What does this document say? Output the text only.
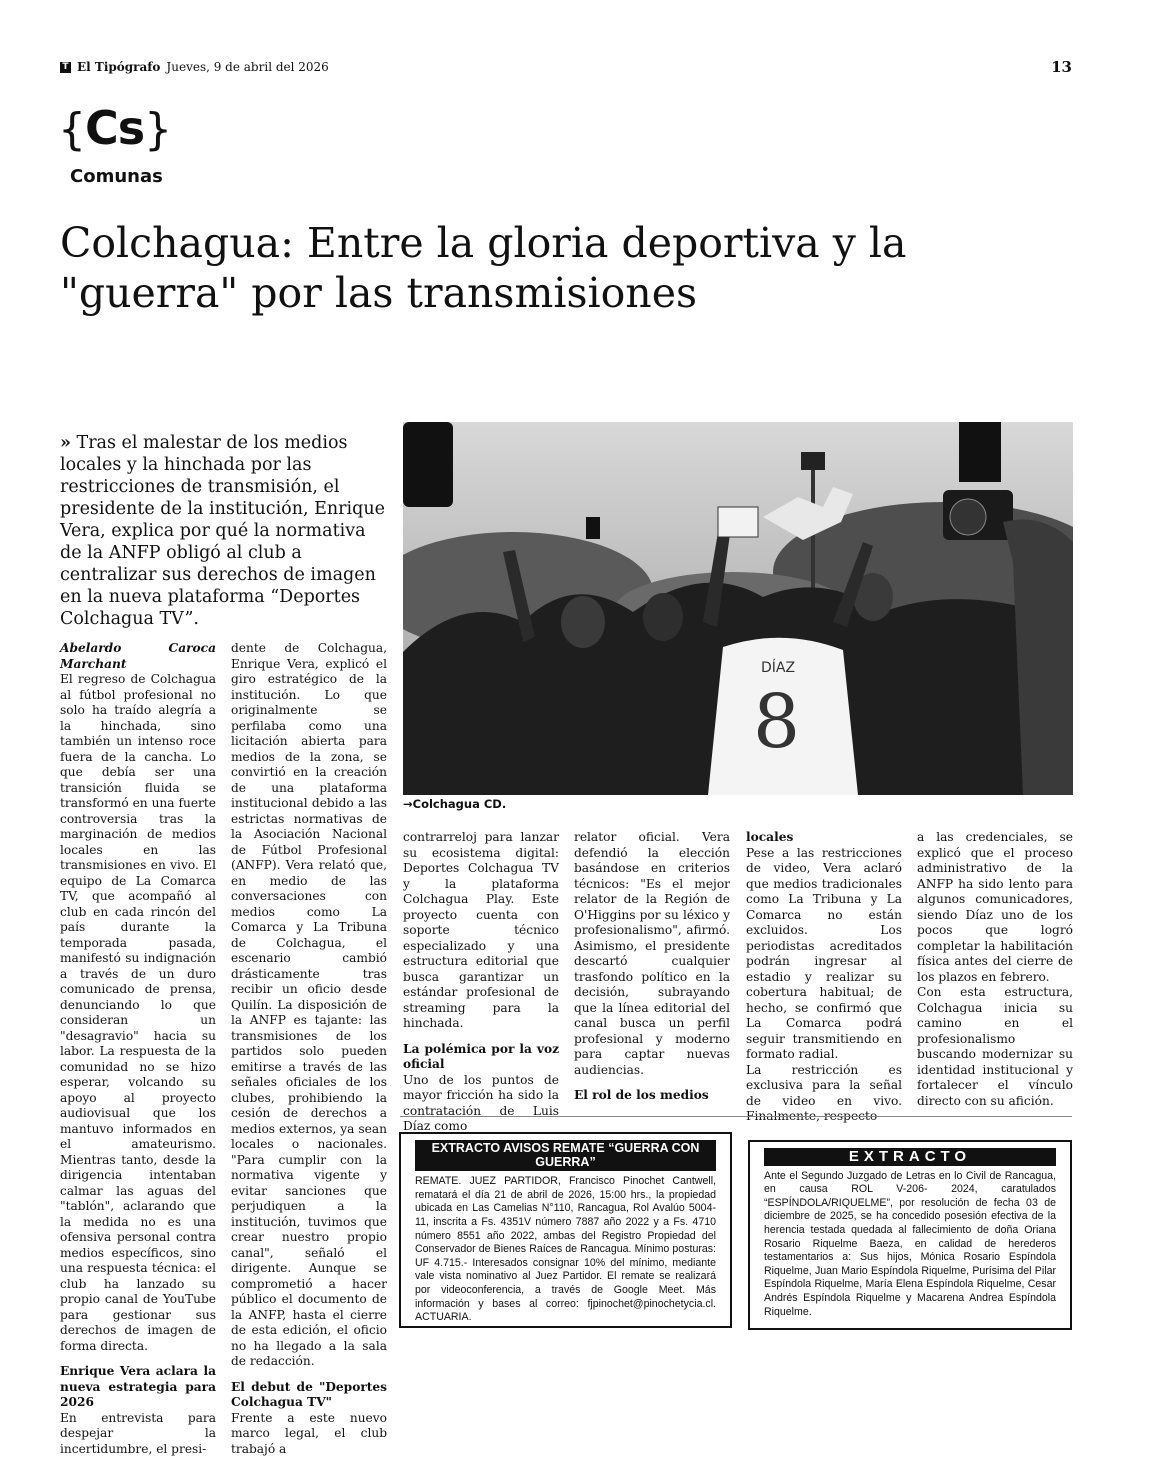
T El Tipógrafo Jueves, 9 de abril del 2026	13
{Cs}
Comunas
Colchagua: Entre la gloria deportiva y la "guerra" por las transmisiones
» Tras el malestar de los medios locales y la hinchada por las restricciones de transmisión, el presidente de la institución, Enrique Vera, explica por qué la normativa de la ANFP obligó al club a centralizar sus derechos de imagen en la nueva plataforma “Deportes Colchagua TV”.
DÍAZ
8
→Colchagua CD.

Abelardo Caroca Marchant

El regreso de Colchagua al fútbol profesional no solo ha traído alegría a la hinchada, sino también un intenso roce fuera de la cancha. Lo que debía ser una transición fluida se transformó en una fuerte controversia tras la marginación de medios locales en las transmisiones en vivo. El equipo de La Comarca TV, que acompañó al club en cada rincón del país durante la temporada pasada, manifestó su indignación a través de un duro comunicado de prensa, denunciando lo que consideran un "desagravio" hacia su labor. La respuesta de la comunidad no se hizo esperar, volcando su apoyo al proyecto audiovisual que los mantuvo informados en el amateurismo. Mientras tanto, desde la dirigencia intentaban calmar las aguas del "tablón", aclarando que la medida no es una ofensiva personal contra medios específicos, sino una respuesta técnica: el club ha lanzado su propio canal de YouTube para gestionar sus derechos de imagen de forma directa.

Enrique Vera aclara la nueva estrategia para 2026

En entrevista para despejar la incertidumbre, el presi-

dente de Colchagua, Enrique Vera, explicó el giro estratégico de la institución. Lo que originalmente se perfilaba como una licitación abierta para medios de la zona, se convirtió en la creación de una plataforma institucional debido a las estrictas normativas de la Asociación Nacional de Fútbol Profesional (ANFP). Vera relató que, en medio de las conversaciones con medios como La Comarca y La Tribuna de Colchagua, el escenario cambió drásticamente tras recibir un oficio desde Quilín. La disposición de la ANFP es tajante: las transmisiones de los partidos solo pueden emitirse a través de las señales oficiales de los clubes, prohibiendo la cesión de derechos a medios externos, ya sean locales o nacionales. "Para cumplir con la normativa vigente y evitar sanciones que perjudiquen a la institución, tuvimos que crear nuestro propio canal", señaló el dirigente. Aunque se comprometió a hacer público el documento de la ANFP, hasta el cierre de esta edición, el oficio no ha llegado a la sala de redacción.

El debut de "Deportes Colchagua TV"

Frente a este nuevo marco legal, el club trabajó a

contrarreloj para lanzar su ecosistema digital: Deportes Colchagua TV y la plataforma Colchagua Play. Este proyecto cuenta con soporte técnico especializado y una estructura editorial que busca garantizar un estándar profesional de streaming para la hinchada.

La polémica por la voz oficial

Uno de los puntos de mayor fricción ha sido la contratación de Luis Díaz como

relator oficial. Vera defendió la elección basándose en criterios técnicos: "Es el mejor relator de la Región de O'Higgins por su léxico y profesionalismo", afirmó. Asimismo, el presidente descartó cualquier trasfondo político en la decisión, subrayando que la línea editorial del canal busca un perfil profesional y moderno para captar nuevas audiencias.

El rol de los medios

locales

Pese a las restricciones de video, Vera aclaró que medios tradicionales como La Tribuna y La Comarca no están excluidos. Los periodistas acreditados podrán ingresar al estadio y realizar su cobertura habitual; de hecho, se confirmó que La Comarca podrá seguir transmitiendo en formato radial.

La restricción es exclusiva para la señal de video en vivo. Finalmente, respecto

a las credenciales, se explicó que el proceso administrativo de la ANFP ha sido lento para algunos comunicadores, siendo Díaz uno de los pocos que logró completar la habilitación física antes del cierre de los plazos en febrero.

Con esta estructura, Colchagua inicia su camino en el profesionalismo buscando modernizar su identidad institucional y fortalecer el vínculo directo con su afición.

EXTRACTO AVISOS REMATE “GUERRA CON GUERRA”
REMATE. JUEZ PARTIDOR, Francisco Pinochet Cantwell, rematará el día 21 de abril de 2026, 15:00 hrs., la propiedad ubicada en Las Camelias N°110, Rancagua, Rol Avalúo 5004-11, inscrita a Fs. 4351V número 7887 año 2022 y a Fs. 4710 número 8551 año 2022, ambas del Registro Propiedad del Conservador de Bienes Raíces de Rancagua. Mínimo posturas: UF 4.715.- Interesados consignar 10% del mínimo, mediante vale vista nominativo al Juez Partidor. El remate se realizará por videoconferencia, a través de Google Meet. Más información y bases al correo: fjpinochet@pinochetycia.cl. ACTUARIA.
EXTRACTO
Ante el Segundo Juzgado de Letras en lo Civil de Rancagua, en causa ROL V-206- 2024, caratulados “ESPÍNDOLA/RIQUELME”, por resolución de fecha 03 de diciembre de 2025, se ha concedido posesión efectiva de la herencia testada quedada al fallecimiento de doña Oriana Rosario Riquelme Baeza, en calidad de herederos testamentarios a: Sus hijos, Mónica Rosario Espíndola Riquelme, Juan Mario Espíndola Riquelme, Purísima del Pilar Espíndola Riquelme, María Elena Espíndola Riquelme, Cesar Andrés Espíndola Riquelme y Macarena Andrea Espíndola Riquelme.
